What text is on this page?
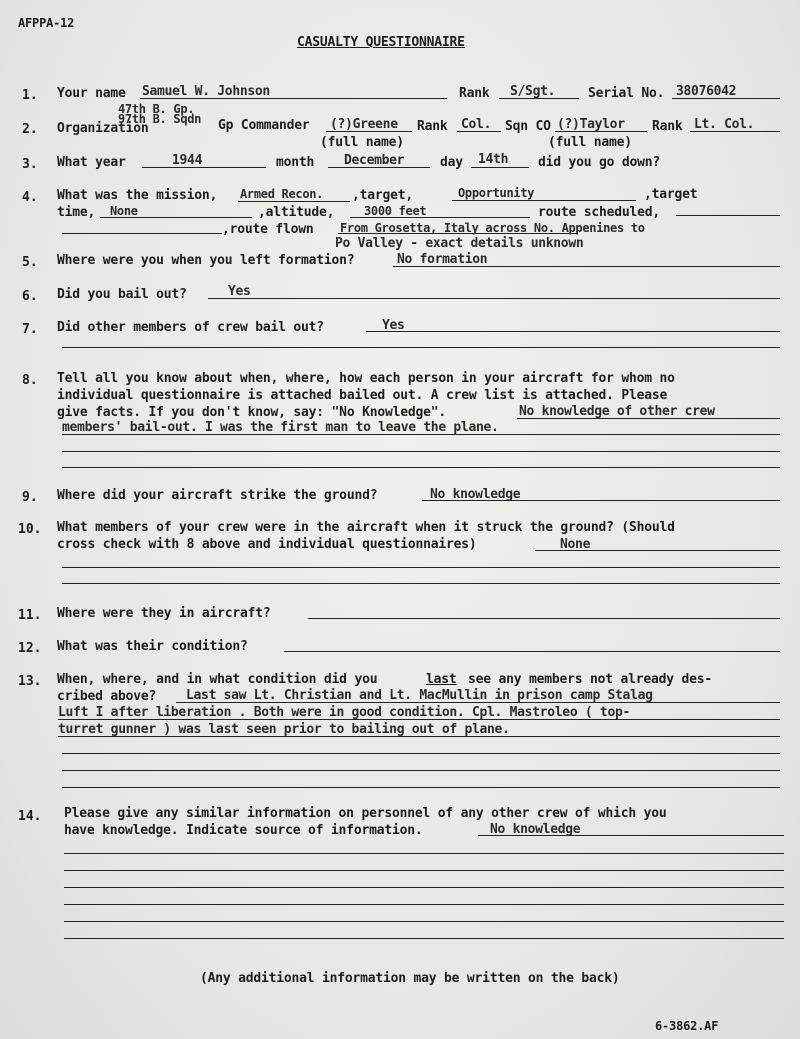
AFPPA-12
CASUALTY QUESTIONNAIRE
1. Your name Samuel W. Johnson	Rank S/Sgt.	Serial No. 38076042
2. Organization
47th B. Gp.
97th B. Sqdn Gp Commander (?)Greene Rank Col. Sqn CO (?)Taylor Rank Lt. Col.
(full name)	(full name)
3. What year	1944	month December	day 14th did you go down?
4. What was the mission, Armed Recon. ,target,	Opportunity	,target
time, None	,altitude, 3000 feet	route scheduled,
,route flown From Grosetta, Italy across No. Appenines to
Po Valley - exact details unknown
5. Where were you when you left formation?	No formation
6. Did you bail out?	Yes
7. Did other members of crew bail out?	Yes
8. Tell all you know about when, where, how each person in your aircraft for whom no
individual questionnaire is attached bailed out. A crew list is attached. Please
give facts. If you don't know, say: "No Knowledge".	No knowledge of other crew
members' bail-out. I was the first man to leave the plane.
9. Where did your aircraft strike the ground?	No knowledge
10. What members of your crew were in the aircraft when it struck the ground? (Should
cross check with 8 above and individual questionnaires)	None
11. Where were they in aircraft?
12. What was their condition?
13. When, where, and in what condition did you	last see any members not already des-
cribed above? Last saw Lt. Christian and Lt. MacMullin in prison camp Stalag
Luft I after liberation . Both were in good condition. Cpl. Mastroleo ( top-
turret gunner ) was last seen prior to bailing out of plane.
14. Please give any similar information on personnel of any other crew of which you
have knowledge. Indicate source of information.	No knowledge
(Any additional information may be written on the back)
6-3862.AF
